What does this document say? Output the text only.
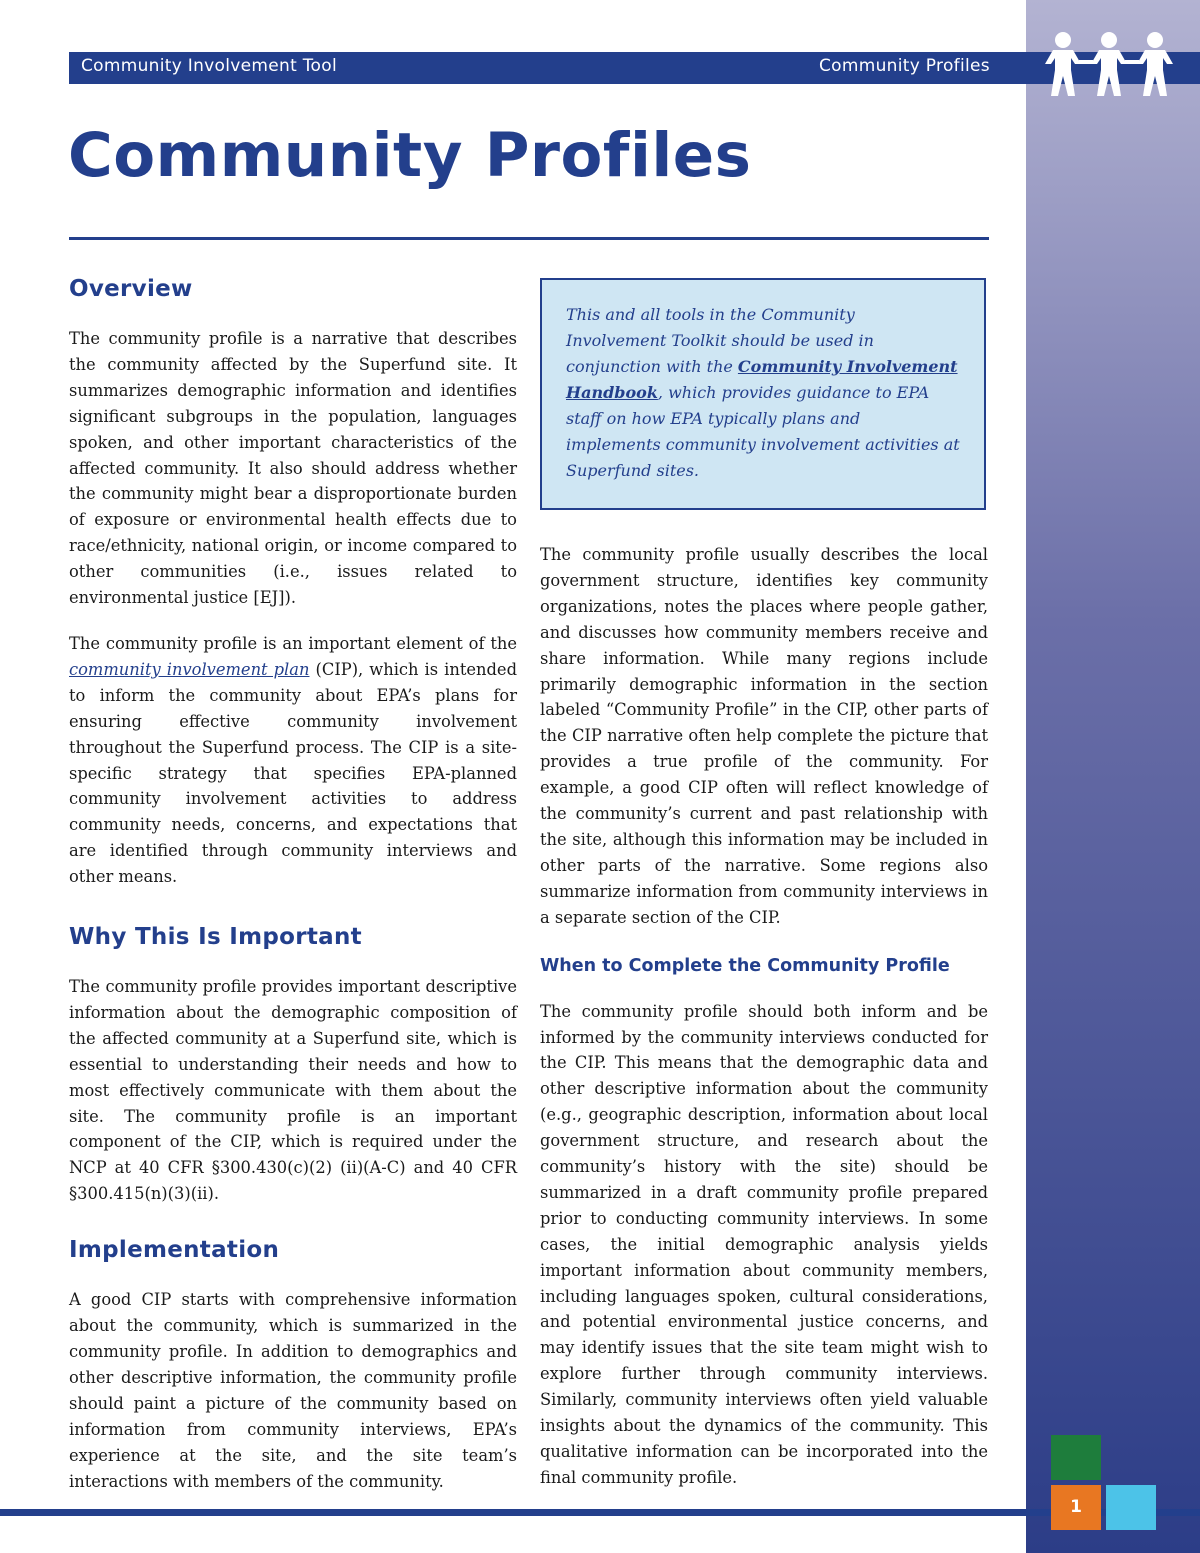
Community Involvement Tool	Community Profiles
Community Profiles
Overview

The community profile is a narrative that describes the community affected by the Superfund site. It summarizes demographic information and identifies significant subgroups in the population, languages spoken, and other important characteristics of the affected community. It also should address whether the community might bear a disproportionate burden of exposure or environmental health effects due to race/ethnicity, national origin, or income compared to other communities (i.e., issues related to environmental justice [EJ]).

The community profile is an important element of the community involvement plan (CIP), which is intended to inform the community about EPA’s plans for ensuring effective community involvement throughout the Superfund process. The CIP is a site-specific strategy that specifies EPA-planned community involvement activities to address community needs, concerns, and expectations that are identified through community interviews and other means.

Why This Is Important

The community profile provides important descriptive information about the demographic composition of the affected community at a Superfund site, which is essential to understanding their needs and how to most effectively communicate with them about the site. The community profile is an important component of the CIP, which is required under the NCP at 40 CFR §300.430(c)(2) (ii)(A-C) and 40 CFR §300.415(n)(3)(ii).

Implementation

A good CIP starts with comprehensive information about the community, which is summarized in the community profile. In addition to demographics and other descriptive information, the community profile should paint a picture of the community based on information from community interviews, EPA’s experience at the site, and the site team’s interactions with members of the community.

This and all tools in the Community Involvement Toolkit should be used in conjunction with the Community Involvement Handbook, which provides guidance to EPA staff on how EPA typically plans and implements community involvement activities at Superfund sites.

The community profile usually describes the local government structure, identifies key community organizations, notes the places where people gather, and discusses how community members receive and share information. While many regions include primarily demographic information in the section labeled “Community Profile” in the CIP, other parts of the CIP narrative often help complete the picture that provides a true profile of the community. For example, a good CIP often will reflect knowledge of the community’s current and past relationship with the site, although this information may be included in other parts of the narrative. Some regions also summarize information from community interviews in a separate section of the CIP.

When to Complete the Community Profile

The community profile should both inform and be informed by the community interviews conducted for the CIP. This means that the demographic data and other descriptive information about the community (e.g., geographic description, information about local government structure, and research about the community’s history with the site) should be summarized in a draft community profile prepared prior to conducting community interviews. In some cases, the initial demographic analysis yields important information about community members, including languages spoken, cultural considerations, and potential environmental justice concerns, and may identify issues that the site team might wish to explore further through community interviews. Similarly, community interviews often yield valuable insights about the dynamics of the community. This qualitative information can be incorporated into the final community profile.

1
